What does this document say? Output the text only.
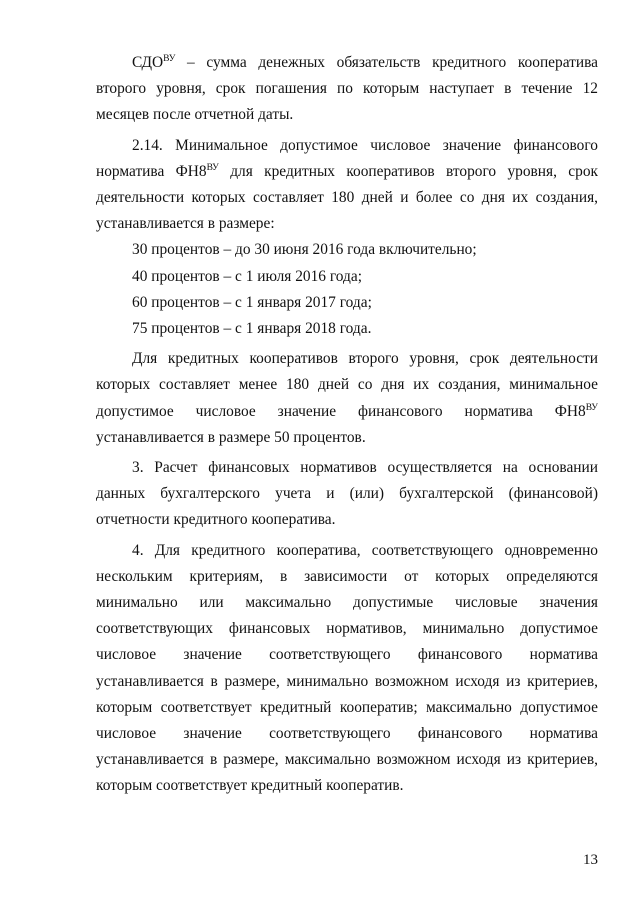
$СДО^{ВУ}$ – сумма денежных обязательств кредитного кооператива второго уровня, срок погашения по которым наступает в течение 12 месяцев после отчетной даты.

2.14. Минимальное допустимое числовое значение финансового норматива $ФН8^{ВУ}$ для кредитных кооперативов второго уровня, срок деятельности которых составляет 180 дней и более со дня их создания, устанавливается в размере:

30 процентов – до 30 июня 2016 года включительно;

40 процентов – с 1 июля 2016 года;

60 процентов – с 1 января 2017 года;

75 процентов – с 1 января 2018 года.

Для кредитных кооперативов второго уровня, срок деятельности которых составляет менее 180 дней со дня их создания, минимальное допустимое числовое значение финансового норматива $ФН8^{ВУ}$ устанавливается в размере 50 процентов.

3. Расчет финансовых нормативов осуществляется на основании данных бухгалтерского учета и (или) бухгалтерской (финансовой) отчетности кредитного кооператива.

4. Для кредитного кооператива, соответствующего одновременно нескольким критериям, в зависимости от которых определяются минимально или максимально допустимые числовые значения соответствующих финансовых нормативов, минимально допустимое числовое значение соответствующего финансового норматива устанавливается в размере, минимально возможном исходя из критериев, которым соответствует кредитный кооператив; максимально допустимое числовое значение соответствующего финансового норматива устанавливается в размере, максимально возможном исходя из критериев, которым соответствует кредитный кооператив.

13
